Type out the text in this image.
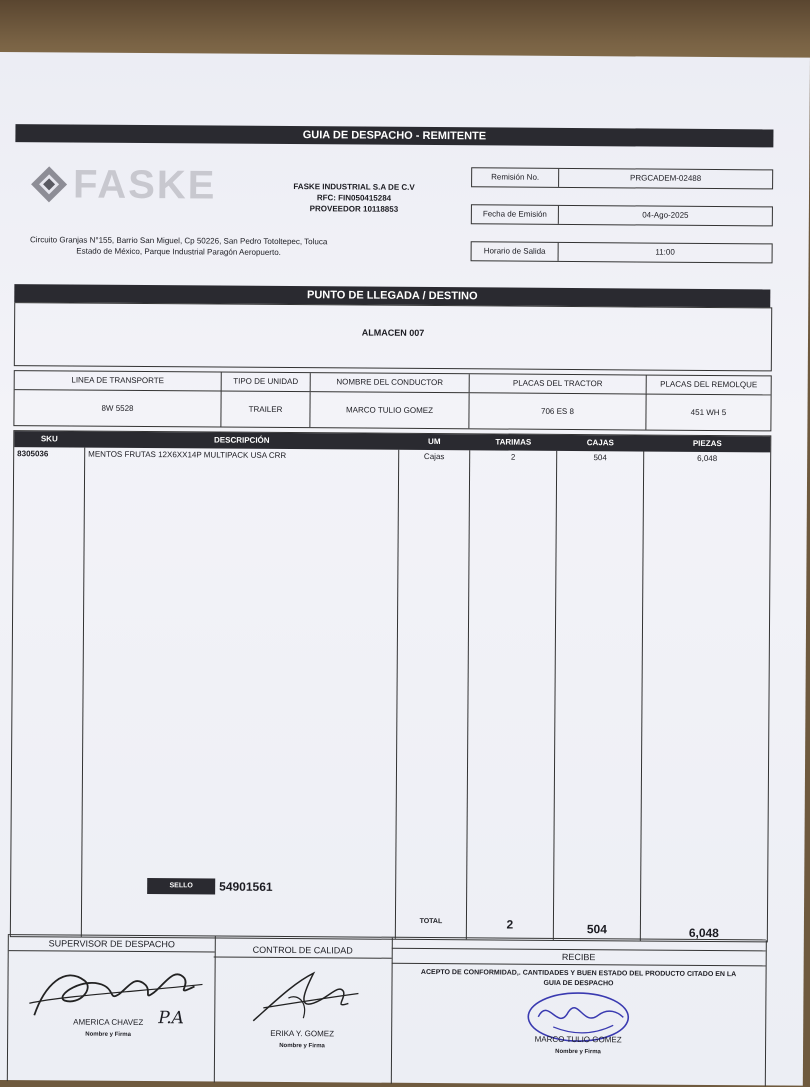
GUIA DE DESPACHO - REMITENTE
FASKE	FASKE INDUSTRIAL S.A DE C.V
RFC: FIN050415284
PROVEEDOR 10118853
Circuito Granjas N°155, Barrio San Miguel, Cp 50226, San Pedro Totoltepec, Toluca Estado de México, Parque Industrial Paragón Aeropuerto.
Remisión No.	PRGCADEM-02488
Fecha de Emisión	04-Ago-2025
Horario de Salida	11:00
PUNTO DE LLEGADA / DESTINO
ALMACEN 007
LINEA DE TRANSPORTE	TIPO DE UNIDAD	NOMBRE DEL CONDUCTOR	PLACAS DEL TRACTOR	PLACAS DEL REMOLQUE
8W 5528	TRAILER	MARCO TULIO GOMEZ	706 ES 8	451 WH 5
SKU	DESCRIPCIÓN	UM	TARIMAS	CAJAS	PIEZAS
8305036	MENTOS FRUTAS 12X6XX14P MULTIPACK USA CRR	Cajas	2	504	6,048
SELLO	54901561
TOTAL	2	504	6,048
SUPERVISOR DE DESPACHO
AMERICA CHAVEZ P.A
Nombre y Firma
CONTROL DE CALIDAD
ERIKA Y. GOMEZ
Nombre y Firma
RECIBE
ACEPTO DE CONFORMIDAD,. CANTIDADES Y BUEN ESTADO DEL PRODUCTO CITADO EN LA GUIA DE DESPACHO
MARCO TULIO GOMEZ
Nombre y Firma
